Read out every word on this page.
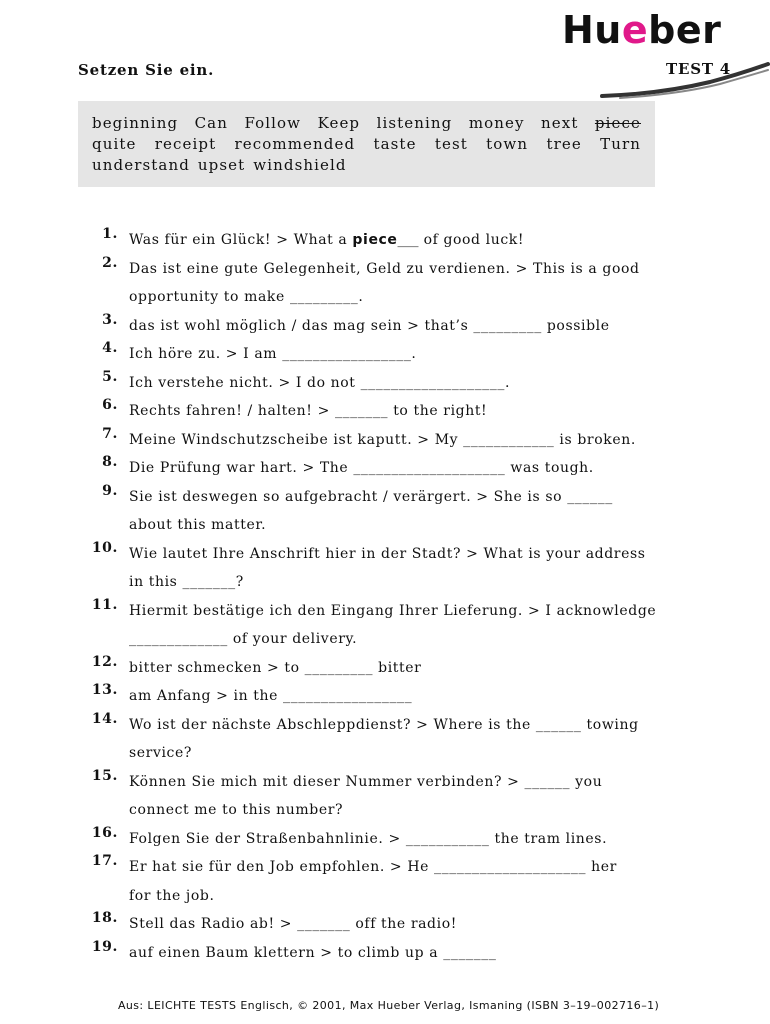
Hueber
Setzen Sie ein.	TEST 4
beginning Can Follow Keep listening money next piece
quite receipt recommended taste test town tree Turn
understand upset windshield
1. Was für ein Glück! > What a piece___ of good luck!
2. Das ist eine gute Gelegenheit, Geld zu verdienen. > This is a good
opportunity to make _________.
3. das ist wohl möglich / das mag sein > that’s _________ possible
4. Ich höre zu. > I am _________________.
5. Ich verstehe nicht. > I do not ___________________.
6. Rechts fahren! / halten! > _______ to the right!
7. Meine Windschutzscheibe ist kaputt. > My ____________ is broken.
8. Die Prüfung war hart. > The ____________________ was tough.
9. Sie ist deswegen so aufgebracht / verärgert. > She is so ______
about this matter.
10. Wie lautet Ihre Anschrift hier in der Stadt? > What is your address
in this _______?
11. Hiermit bestätige ich den Eingang Ihrer Lieferung. > I acknowledge
_____________ of your delivery.
12. bitter schmecken > to _________ bitter
13. am Anfang > in the _________________
14. Wo ist der nächste Abschleppdienst? > Where is the ______ towing
service?
15. Können Sie mich mit dieser Nummer verbinden? > ______ you
connect me to this number?
16. Folgen Sie der Straßenbahnlinie. > ___________ the tram lines.
17. Er hat sie für den Job empfohlen. > He ____________________ her
for the job.
18. Stell das Radio ab! > _______ off the radio!
19. auf einen Baum klettern > to climb up a _______
Aus: LEICHTE TESTS Englisch, © 2001, Max Hueber Verlag, Ismaning (ISBN 3–19–002716–1)
